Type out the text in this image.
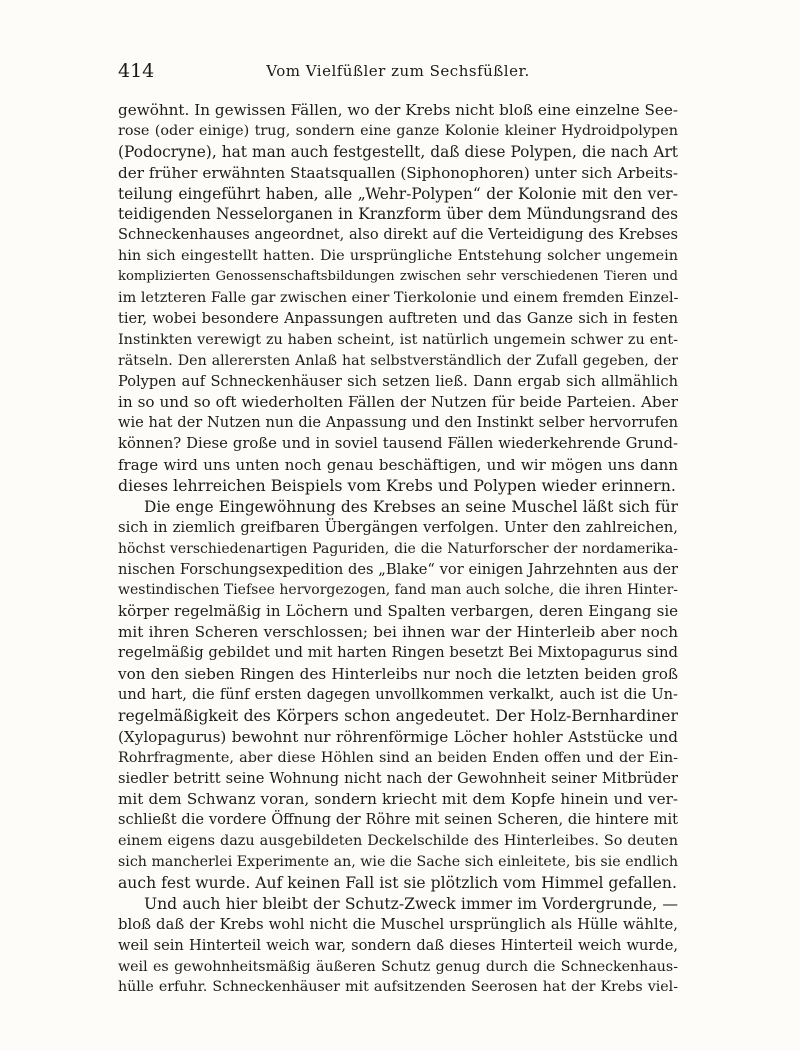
414	Vom Vielfüßler zum Sechsfüßler.
gewöhnt. In gewissen Fällen, wo der Krebs nicht bloß eine einzelne See-
rose (oder einige) trug, sondern eine ganze Kolonie kleiner Hydroidpolypen
(Podocryne), hat man auch festgestellt, daß diese Polypen, die nach Art
der früher erwähnten Staatsquallen (Siphonophoren) unter sich Arbeits-
teilung eingeführt haben, alle „Wehr-Polypen“ der Kolonie mit den ver-
teidigenden Nesselorganen in Kranzform über dem Mündungsrand des
Schneckenhauses angeordnet, also direkt auf die Verteidigung des Krebses
hin sich eingestellt hatten. Die ursprüngliche Entstehung solcher ungemein
komplizierten Genossenschaftsbildungen zwischen sehr verschiedenen Tieren und
im letzteren Falle gar zwischen einer Tierkolonie und einem fremden Einzel-
tier, wobei besondere Anpassungen auftreten und das Ganze sich in festen
Instinkten verewigt zu haben scheint, ist natürlich ungemein schwer zu ent-
rätseln. Den allerersten Anlaß hat selbstverständlich der Zufall gegeben, der
Polypen auf Schneckenhäuser sich setzen ließ. Dann ergab sich allmählich
in so und so oft wiederholten Fällen der Nutzen für beide Parteien. Aber
wie hat der Nutzen nun die Anpassung und den Instinkt selber hervorrufen
können? Diese große und in soviel tausend Fällen wiederkehrende Grund-
frage wird uns unten noch genau beschäftigen, und wir mögen uns dann
dieses lehrreichen Beispiels vom Krebs und Polypen wieder erinnern.
Die enge Eingewöhnung des Krebses an seine Muschel läßt sich für
sich in ziemlich greifbaren Übergängen verfolgen. Unter den zahlreichen,
höchst verschiedenartigen Paguriden, die die Naturforscher der nordamerika-
nischen Forschungsexpedition des „Blake“ vor einigen Jahrzehnten aus der
westindischen Tiefsee hervorgezogen, fand man auch solche, die ihren Hinter-
körper regelmäßig in Löchern und Spalten verbargen, deren Eingang sie
mit ihren Scheren verschlossen; bei ihnen war der Hinterleib aber noch
regelmäßig gebildet und mit harten Ringen besetzt Bei Mixtopagurus sind
von den sieben Ringen des Hinterleibs nur noch die letzten beiden groß
und hart, die fünf ersten dagegen unvollkommen verkalkt, auch ist die Un-
regelmäßigkeit des Körpers schon angedeutet. Der Holz-Bernhardiner
(Xylopagurus) bewohnt nur röhrenförmige Löcher hohler Aststücke und
Rohrfragmente, aber diese Höhlen sind an beiden Enden offen und der Ein-
siedler betritt seine Wohnung nicht nach der Gewohnheit seiner Mitbrüder
mit dem Schwanz voran, sondern kriecht mit dem Kopfe hinein und ver-
schließt die vordere Öffnung der Röhre mit seinen Scheren, die hintere mit
einem eigens dazu ausgebildeten Deckelschilde des Hinterleibes. So deuten
sich mancherlei Experimente an, wie die Sache sich einleitete, bis sie endlich
auch fest wurde. Auf keinen Fall ist sie plötzlich vom Himmel gefallen.
Und auch hier bleibt der Schutz-Zweck immer im Vordergrunde, —
bloß daß der Krebs wohl nicht die Muschel ursprünglich als Hülle wählte,
weil sein Hinterteil weich war, sondern daß dieses Hinterteil weich wurde,
weil es gewohnheitsmäßig äußeren Schutz genug durch die Schneckenhaus-
hülle erfuhr. Schneckenhäuser mit aufsitzenden Seerosen hat der Krebs viel-
